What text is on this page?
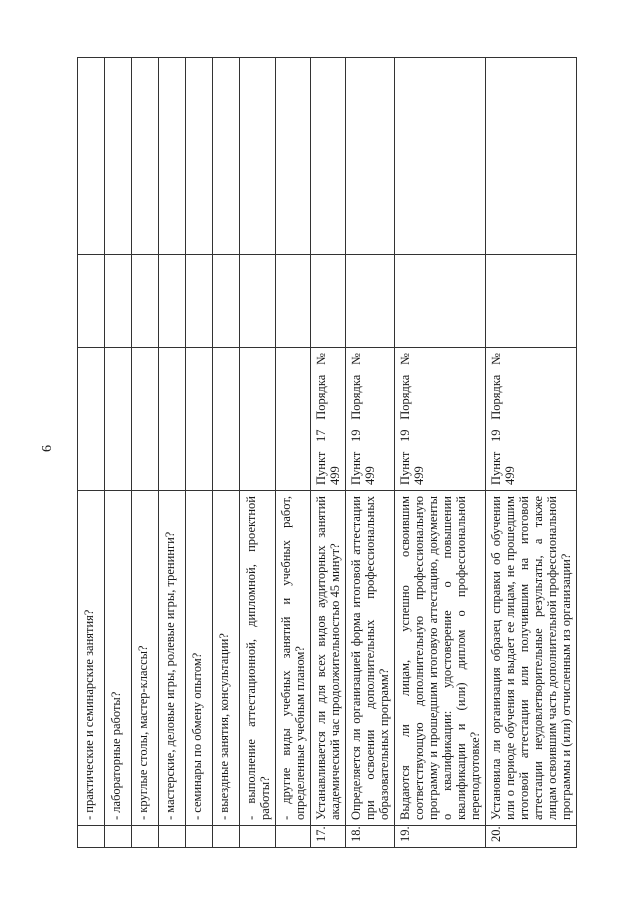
6
	- практические и семинарские занятия?			
	- лабораторные работы?			
	- круглые столы, мастер-классы?			
	- мастерские, деловые игры, ролевые игры, тренинги?			
	- семинары по обмену опытом?			
	- выездные занятия, консультации?			
	- выполнение аттестационной, дипломной, проектной работы?			
	- другие виды учебных занятий и учебных работ, определенные учебным планом?			
17.	Устанавливается ли для всех видов аудиторных занятий академический час продолжительностью 45 минут?	Пункт 17 Порядка № 499		
18.	Определяется ли организацией форма итоговой аттестации при освоении дополнительных профессиональных образовательных программ?	Пункт 19 Порядка № 499		
19.	Выдаются ли лицам, успешно освоившим соответствующую дополнительную профессиональную программу и прошедшим итоговую аттестацию, документы о квалификации: удостоверение о повышении квалификации и (или) диплом о профессиональной переподготовке?	Пункт 19 Порядка № 499		
20.	Установила ли организация образец справки об обучении или о периоде обучения и выдает ее лицам, не прошедшим итоговой аттестации или получившим на итоговой аттестации неудовлетворительные результаты, а также лицам освоившим часть дополнительной профессиональной программы и (или) отчисленным из организации?	Пункт 19 Порядка № 499		
